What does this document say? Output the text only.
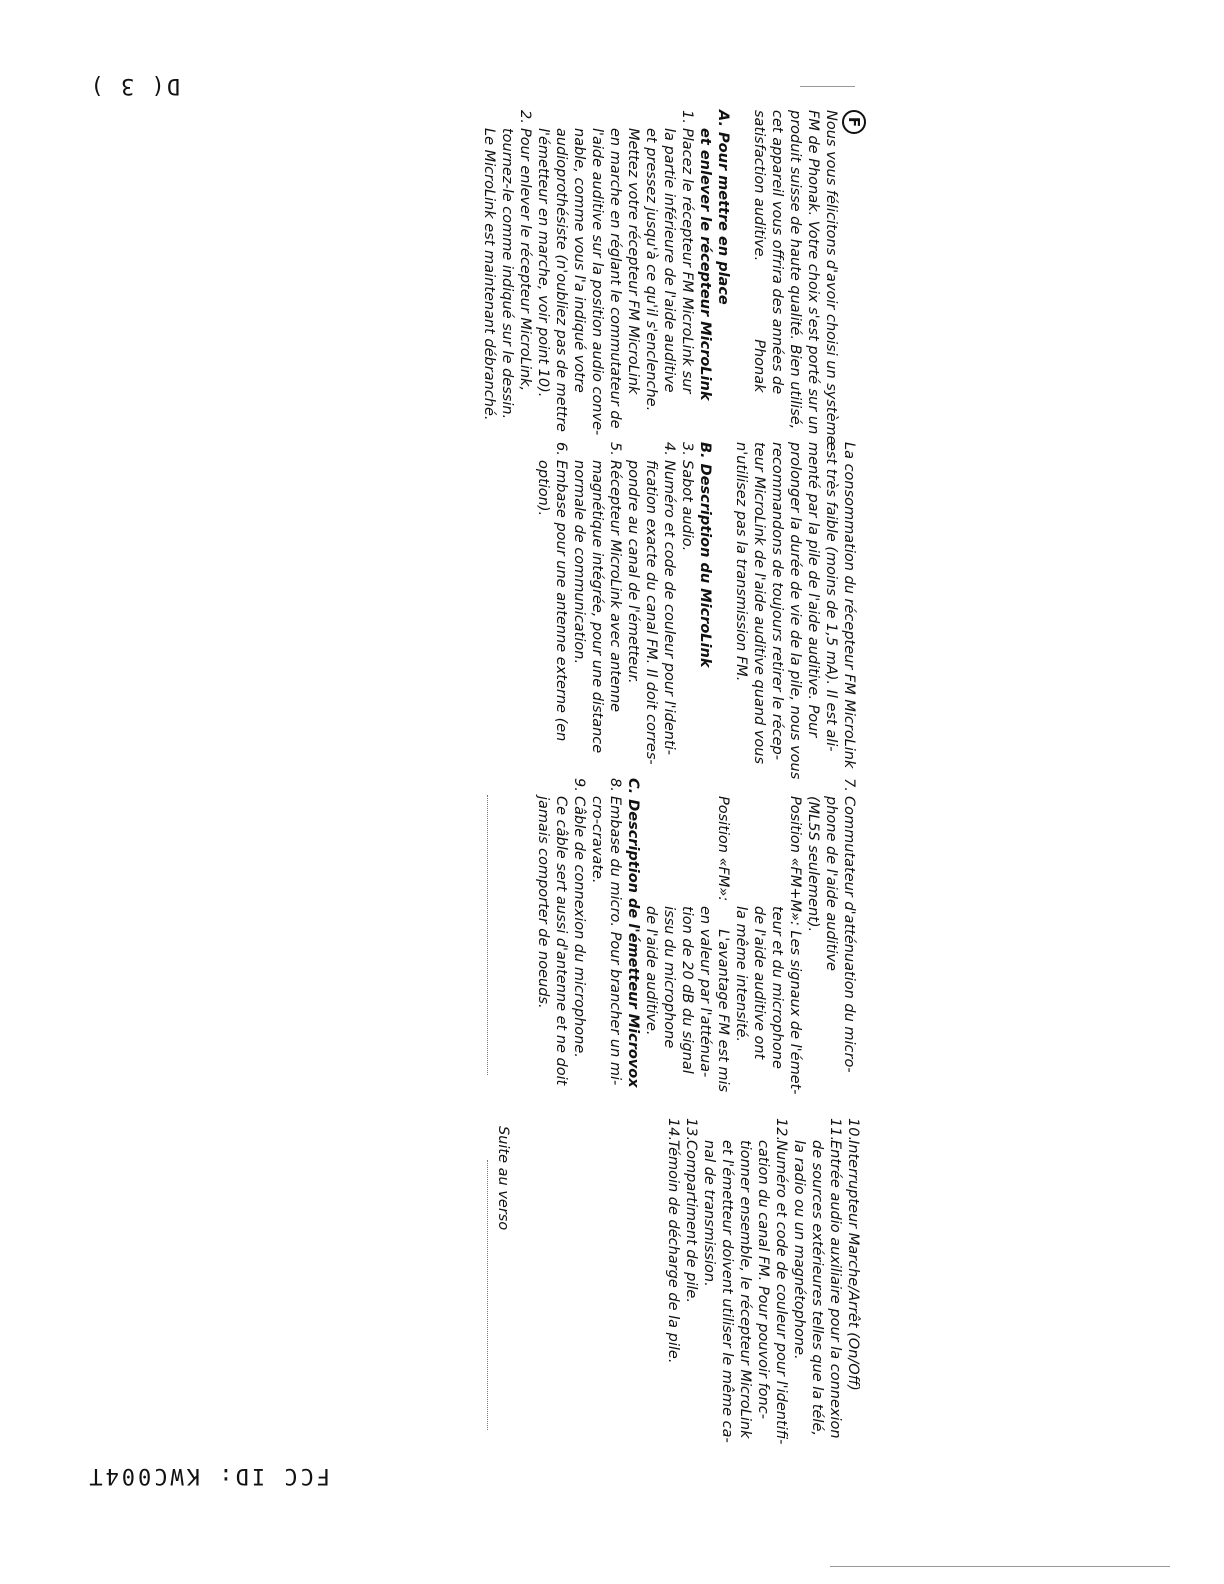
D( 3 )
FCC ID: KWC004T
F

Nous vous félicitons d'avoir choisi un système

FM de Phonak. Votre choix s'est porté sur un

produit suisse de haute qualité. Bien utilisé,

cet appareil vous offrira des années de

satisfaction auditive.Phonak

A. Pour mettre en place

et enlever le récepteur MicroLink

1.Placez le récepteur FM MicroLink sur

la partie inférieure de l'aide auditive

et pressez jusqu'à ce qu'il s'enclenche.

Mettez votre récepteur FM MicroLink

en marche en réglant le commutateur de

l'aide auditive sur la position audio conve-

nable, comme vous l'a indiqué votre

audioprothésiste (n'oubliez pas de mettre

l'émetteur en marche, voir point 10).

2.Pour enlever le récepteur MicroLink,

tournez-le comme indiqué sur le dessin.

Le MicroLink est maintenant débranché.

La consommation du récepteur FM MicroLink

est très faible (moins de 1,5 mA). Il est ali-

menté par la pile de l'aide auditive. Pour

prolonger la durée de vie de la pile, nous vous

recommandons de toujours retirer le récep-

teur MicroLink de l'aide auditive quand vous

n'utilisez pas la transmission FM.

B. Description du MicroLink

3.Sabot audio.

4.Numéro et code de couleur pour l'identi-

fication exacte du canal FM. Il doit corres-

pondre au canal de l'émetteur.

5.Récepteur MicroLink avec antenne

magnétique intégrée, pour une distance

normale de communication.

6.Embase pour une antenne externe (en

option).

7.Commutateur d'atténuation du micro-

phone de l'aide auditive

(ML5S seulement).

Position «FM+M»: Les signaux de l'émet-

teur et du microphone

de l'aide auditive ont

la même intensité.

Position «FM»:L'avantage FM est mis

en valeur par l'atténua-

tion de 20 dB du signal

issu du microphone

de l'aide auditive.

C. Description de l'émetteur Microvox

8.Embase du micro. Pour brancher un mi-

cro-cravate.

9.Câble de connexion du microphone.

Ce câble sert aussi d'antenne et ne doit

jamais comporter de noeuds.

10.Interrupteur Marche/Arrêt (On/Off)

11.Entrée audio auxiliaire pour la connexion

de sources extérieures telles que la télé,

la radio ou un magnétophone.

12.Numéro et code de couleur pour l'identifi-

cation du canal FM. Pour pouvoir fonc-

tionner ensemble, le récepteur MicroLink

et l'émetteur doivent utiliser le même ca-

nal de transmission.

13.Compartiment de pile.

14.Témoin de décharge de la pile.

Suite au verso
